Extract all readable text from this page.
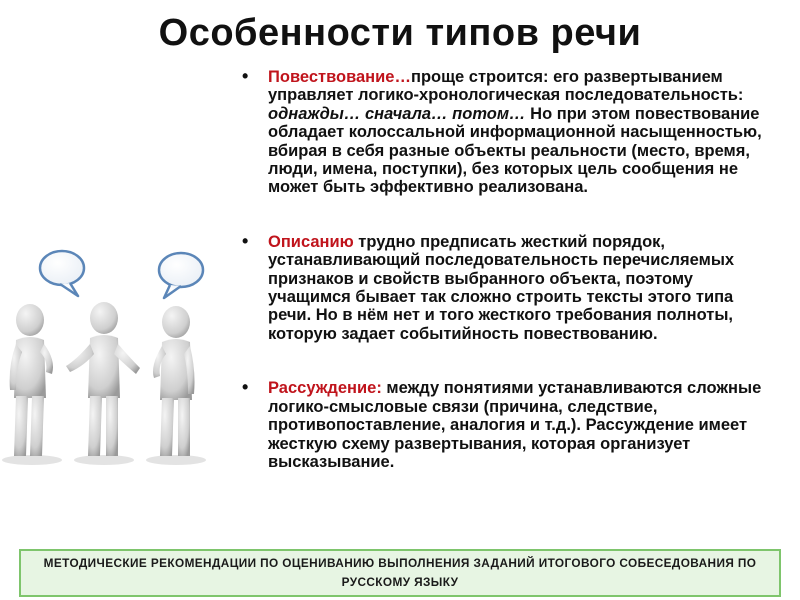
Особенности типов речи
• Повествование…проще строится: его развертыванием управляет логико-хронологическая последовательность: однажды… сначала… потом… Но при этом повествование обладает колоссальной информационной насыщенностью, вбирая в себя разные объекты реальности (место, время, люди, имена, поступки), без которых цель сообщения не может быть эффективно реализована.
• Описанию трудно предписать жесткий порядок, устанавливающий последовательность перечисляемых признаков и свойств выбранного объекта, поэтому учащимся бывает так сложно строить тексты этого типа речи. Но в нём нет и того жесткого требования полноты, которую задает событийность повествованию.
• Рассуждение: между понятиями устанавливаются сложные логико-смысловые связи (причина, следствие, противопоставление, аналогия и т.д.). Рассуждение имеет жесткую схему развертывания, которая организует высказывание.
МЕТОДИЧЕСКИЕ РЕКОМЕНДАЦИИ ПО ОЦЕНИВАНИЮ ВЫПОЛНЕНИЯ ЗАДАНИЙ ИТОГОВОГО СОБЕСЕДОВАНИЯ ПО РУССКОМУ ЯЗЫКУ
